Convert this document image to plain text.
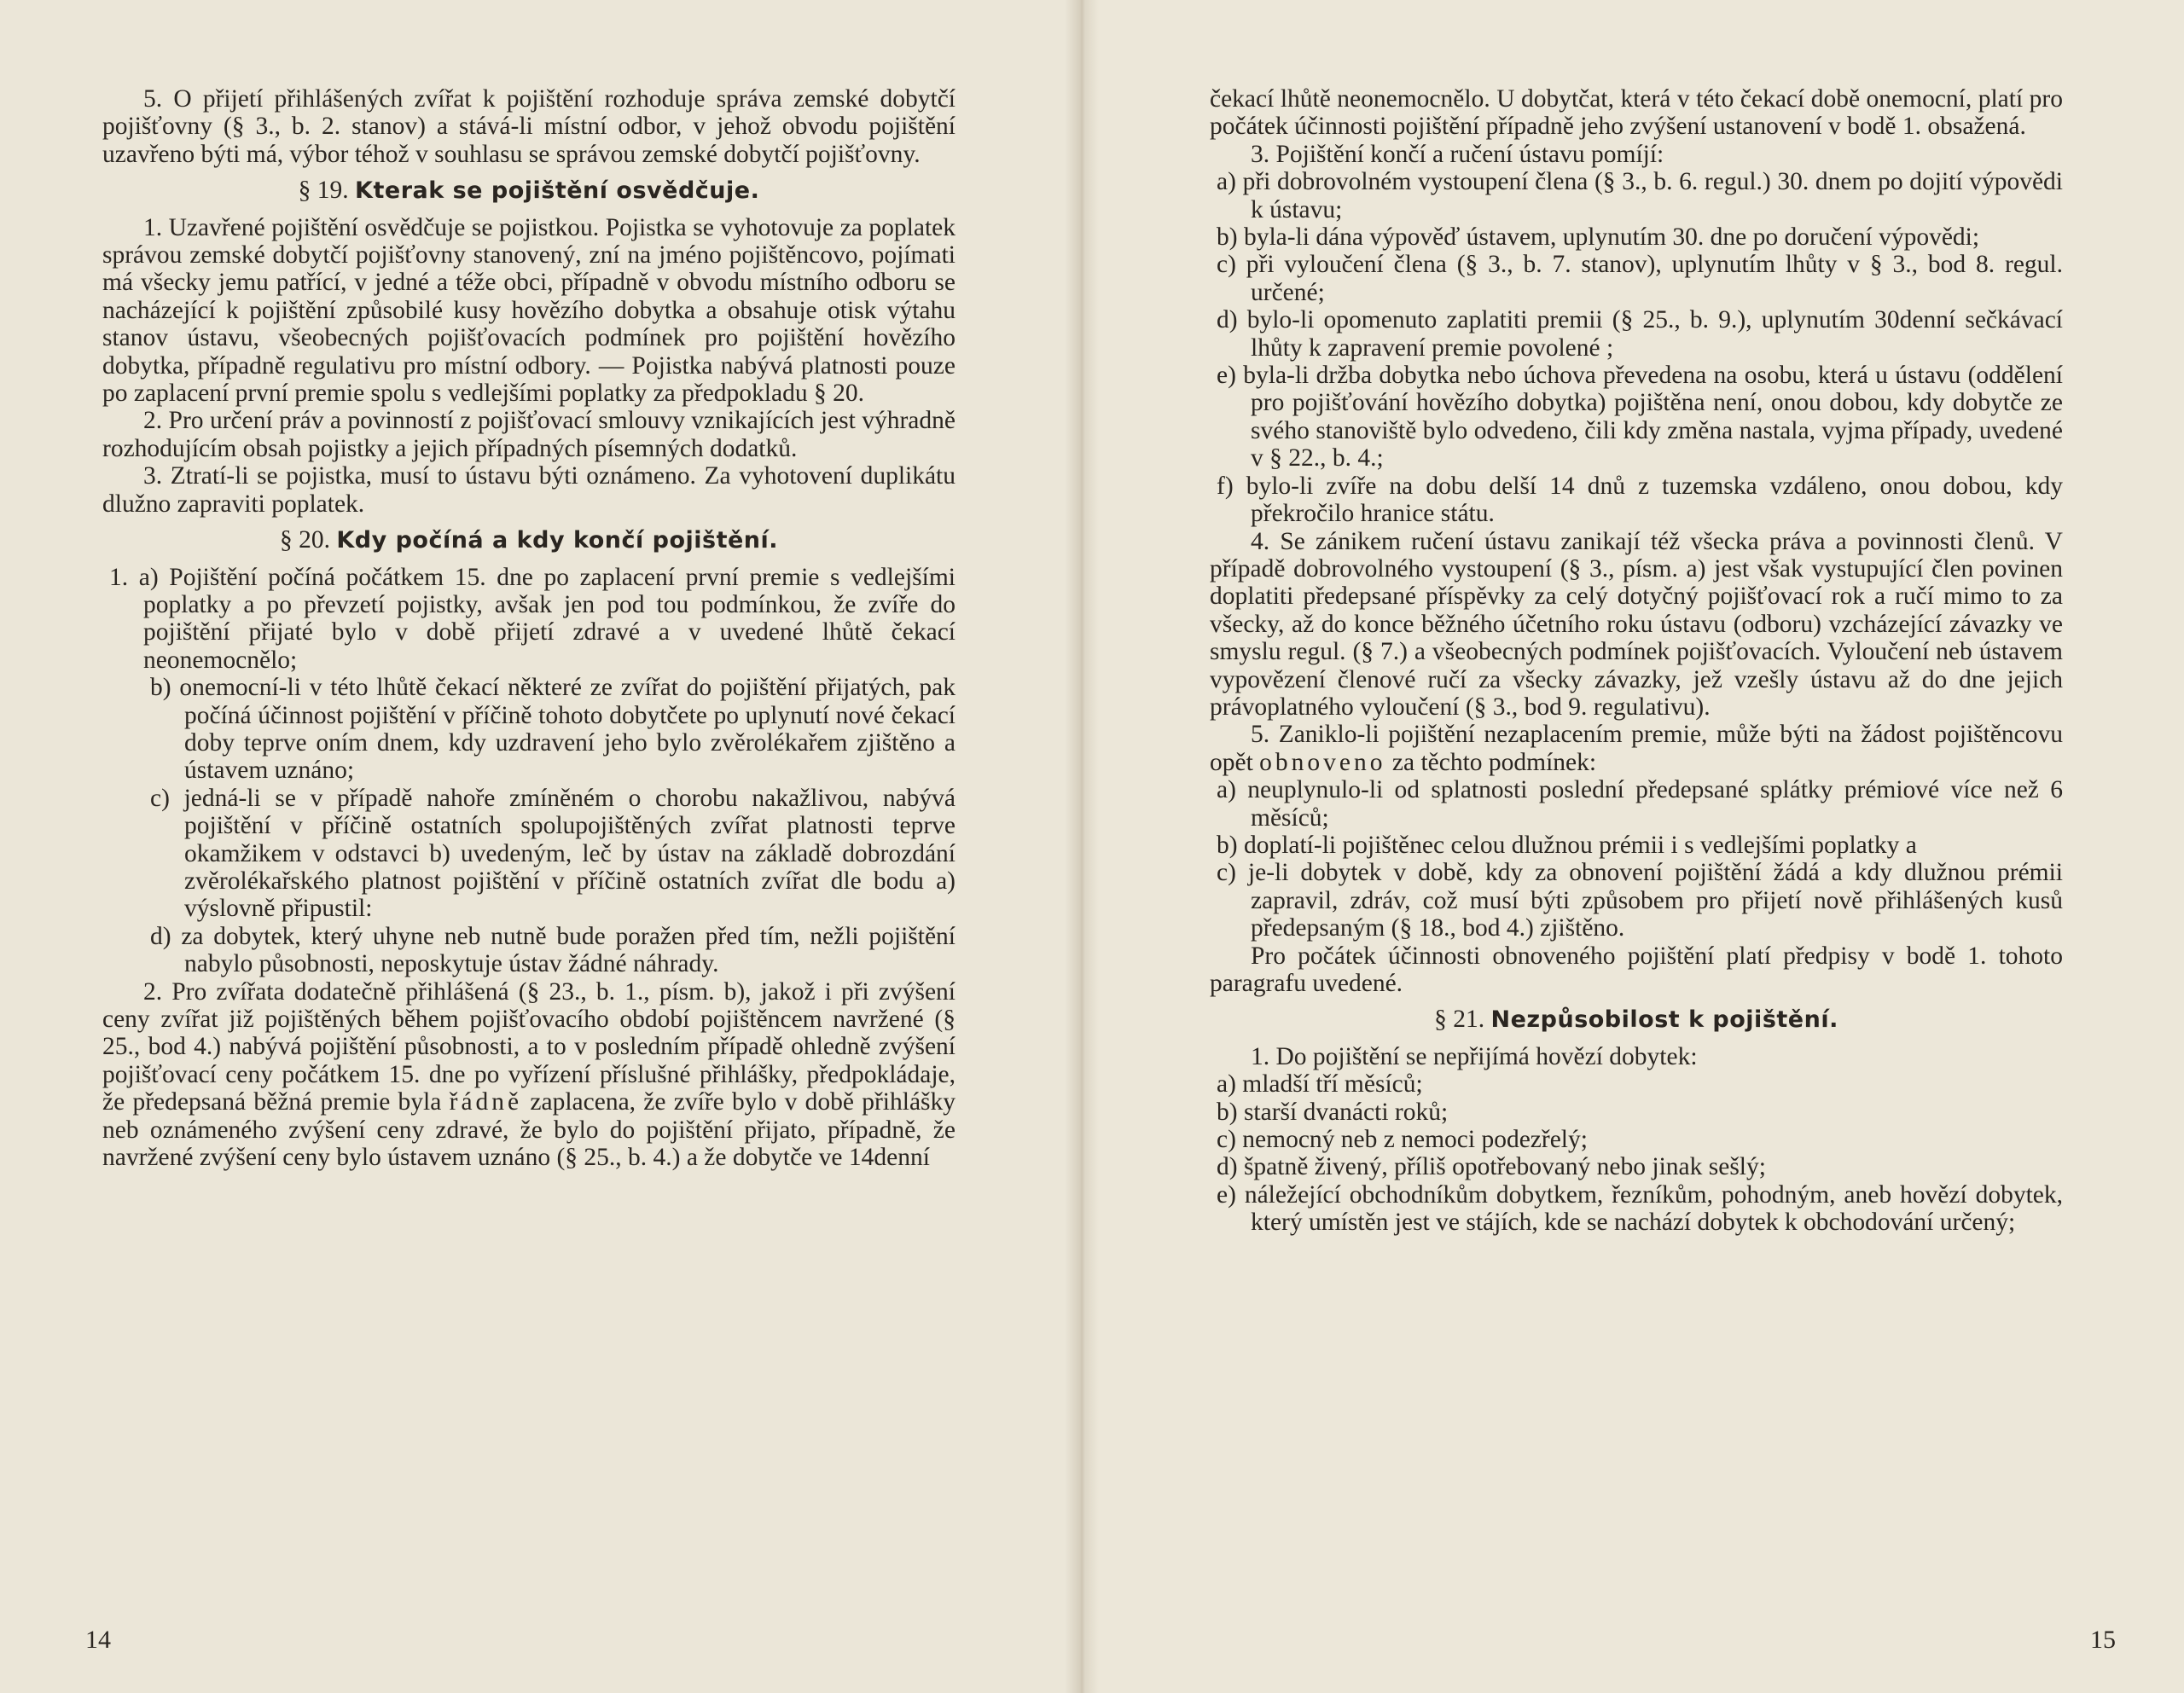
5. O přijetí přihlášených zvířat k pojištění rozhoduje správa zemské dobytčí pojišťovny (§ 3., b. 2. stanov) a stává-li místní odbor, v jehož obvodu pojištění uzavřeno býti má, výbor téhož v souhlasu se správou zemské dobytčí pojišťovny.

§ 19. Kterak se pojištění osvědčuje.

1. Uzavřené pojištění osvědčuje se pojistkou. Pojistka se vyhotovuje za poplatek správou zemské dobytčí pojišťovny stanovený, zní na jméno pojištěncovo, pojímati má všecky jemu patřící, v jedné a téže obci, případně v obvodu místního odboru se nacházející k pojištění způsobilé kusy hovězího dobytka a obsahuje otisk výtahu stanov ústavu, všeobecných pojišťovacích podmínek pro pojištění hovězího dobytka, případně regulativu pro místní odbory. — Pojistka nabývá platnosti pouze po zaplacení první premie spolu s vedlejšími poplatky za předpokladu § 20.

2. Pro určení práv a povinností z pojišťovací smlouvy vznikajících jest výhradně rozhodujícím obsah pojistky a jejich případných písemných dodatků.

3. Ztratí-li se pojistka, musí to ústavu býti oznámeno. Za vyhotovení duplikátu dlužno zapraviti poplatek.

§ 20. Kdy počíná a kdy končí pojištění.

1. a) Pojištění počíná počátkem 15. dne po zaplacení první premie s vedlejšími poplatky a po převzetí pojistky, avšak jen pod tou podmínkou, že zvíře do pojištění přijaté bylo v době přijetí zdravé a v uvedené lhůtě čekací neonemocnělo;

b) onemocní-li v této lhůtě čekací některé ze zvířat do pojištění přijatých, pak počíná účinnost pojištění v příčině tohoto dobytčete po uplynutí nové čekací doby teprve oním dnem, kdy uzdravení jeho bylo zvěrolékařem zjištěno a ústavem uznáno;

c) jedná-li se v případě nahoře zmíněném o chorobu nakažlivou, nabývá pojištění v příčině ostatních spolupojištěných zvířat platnosti teprve okamžikem v odstavci b) uvedeným, leč by ústav na základě dobrozdání zvěrolékařského platnost pojištění v příčině ostatních zvířat dle bodu a) výslovně připustil:

d) za dobytek, který uhyne neb nutně bude poražen před tím, nežli pojištění nabylo působnosti, neposkytuje ústav žádné náhrady.

2. Pro zvířata dodatečně přihlášená (§ 23., b. 1., písm. b), jakož i při zvýšení ceny zvířat již pojištěných během pojišťovacího období pojištěncem navržené (§ 25., bod 4.) nabývá pojištění působnosti, a to v posledním případě ohledně zvýšení pojišťovací ceny počátkem 15. dne po vyřízení příslušné přihlášky, předpokládaje, že předepsaná běžná premie byla řádně zaplacena, že zvíře bylo v době přihlášky neb oznámeného zvýšení ceny zdravé, že bylo do pojištění přijato, případně, že navržené zvýšení ceny bylo ústavem uznáno (§ 25., b. 4.) a že dobytče ve 14denní

14

čekací lhůtě neonemocnělo. U dobytčat, která v této čekací době onemocní, platí pro počátek účinnosti pojištění případně jeho zvýšení ustanovení v bodě 1. obsažená.

3. Pojištění končí a ručení ústavu pomíjí:

a) při dobrovolném vystoupení člena (§ 3., b. 6. regul.) 30. dnem po dojití výpovědi k ústavu;

b) byla-li dána výpověď ústavem, uplynutím 30. dne po doručení výpovědi;

c) při vyloučení člena (§ 3., b. 7. stanov), uplynutím lhůty v § 3., bod 8. regul. určené;

d) bylo-li opomenuto zaplatiti premii (§ 25., b. 9.), uplynutím 30denní sečkávací lhůty k zapravení premie povolené ;

e) byla-li držba dobytka nebo úchova převedena na osobu, která u ústavu (oddělení pro pojišťování hovězího dobytka) pojištěna není, onou dobou, kdy dobytče ze svého stanoviště bylo odvedeno, čili kdy změna nastala, vyjma případy, uvedené v § 22., b. 4.;

f) bylo-li zvíře na dobu delší 14 dnů z tuzemska vzdáleno, onou dobou, kdy překročilo hranice státu.

4. Se zánikem ručení ústavu zanikají též všecka práva a povinnosti členů. V případě dobrovolného vystoupení (§ 3., písm. a) jest však vystupující člen povinen doplatiti předepsané příspěvky za celý dotyčný pojišťovací rok a ručí mimo to za všecky, až do konce běžného účetního roku ústavu (odboru) vzcházející závazky ve smyslu regul. (§ 7.) a všeobecných podmínek pojišťovacích. Vyloučení neb ústavem vypovězení členové ručí za všecky závazky, jež vzešly ústavu až do dne jejich právoplatného vyloučení (§ 3., bod 9. regulativu).

5. Zaniklo-li pojištění nezaplacením premie, může býti na žádost pojištěncovu opět obnoveno za těchto podmínek:

a) neuplynulo-li od splatnosti poslední předepsané splátky prémiové více než 6 měsíců;

b) doplatí-li pojištěnec celou dlužnou prémii i s vedlejšími poplatky a

c) je-li dobytek v době, kdy za obnovení pojištění žádá a kdy dlužnou prémii zapravil, zdráv, což musí býti způsobem pro přijetí nově přihlášených kusů předepsaným (§ 18., bod 4.) zjištěno.

Pro počátek účinnosti obnoveného pojištění platí předpisy v bodě 1. tohoto paragrafu uvedené.

§ 21. Nezpůsobilost k pojištění.

1. Do pojištění se nepřijímá hovězí dobytek:

a) mladší tří měsíců;

b) starší dvanácti roků;

c) nemocný neb z nemoci podezřelý;

d) špatně živený, příliš opotřebovaný nebo jinak sešlý;

e) náležející obchodníkům dobytkem, řezníkům, pohodným, aneb hovězí dobytek, který umístěn jest ve stájích, kde se nachází dobytek k obchodování určený;

15
